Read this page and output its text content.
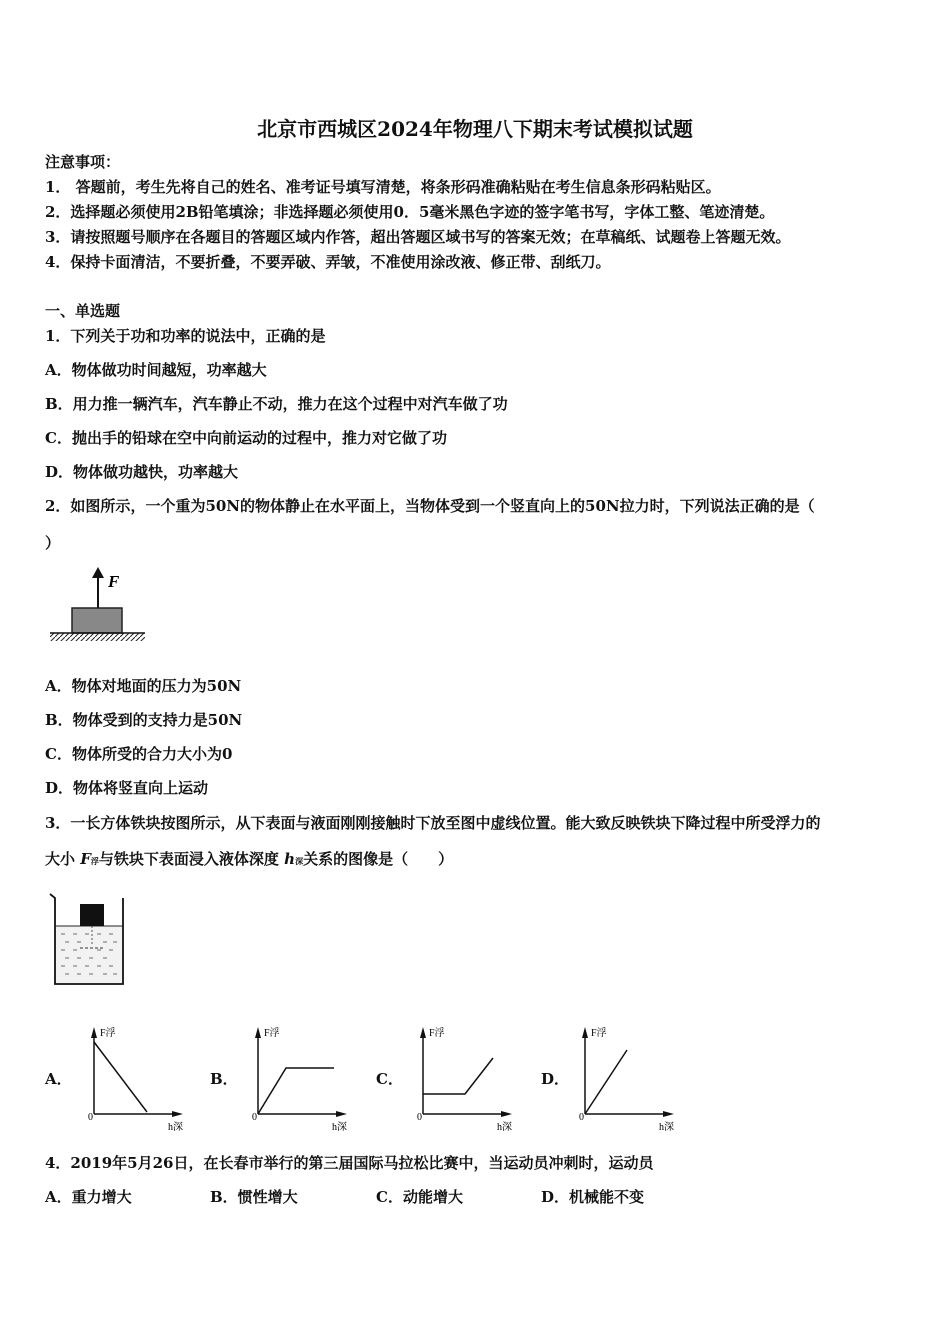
北京市西城区2024年物理八下期末考试模拟试题
注意事项：
1． 答题前，考生先将自己的姓名、准考证号填写清楚，将条形码准确粘贴在考生信息条形码粘贴区。
2．选择题必须使用2B铅笔填涂；非选择题必须使用0．5毫米黑色字迹的签字笔书写，字体工整、笔迹清楚。
3．请按照题号顺序在各题目的答题区域内作答，超出答题区域书写的答案无效；在草稿纸、试题卷上答题无效。
4．保持卡面清洁，不要折叠，不要弄破、弄皱，不准使用涂改液、修正带、刮纸刀。
一、单选题
1．下列关于功和功率的说法中，正确的是
A．物体做功时间越短，功率越大
B．用力推一辆汽车，汽车静止不动，推力在这个过程中对汽车做了功
C．抛出手的铅球在空中向前运动的过程中，推力对它做了功
D．物体做功越快，功率越大
2．如图所示，一个重为50N的物体静止在水平面上，当物体受到一个竖直向上的50N拉力时，下列说法正确的是（
）
F
A．物体对地面的压力为50N
B．物体受到的支持力是50N
C．物体所受的合力大小为0
D．物体将竖直向上运动
3．一长方体铁块按图所示，从下表面与液面刚刚接触时下放至图中虚线位置。能大致反映铁块下降过程中所受浮力的
大小 F浮与铁块下表面浸入液体深度 h深关系的图像是（　　）
A．
F浮
h深
0
B．
F浮
h深
0
C．
F浮
h深
0
D．
F浮
h深
0
4．2019年5月26日，在长春市举行的第三届国际马拉松比赛中，当运动员冲刺时，运动员
A．重力增大	B．惯性增大	C．动能增大	D．机械能不变
